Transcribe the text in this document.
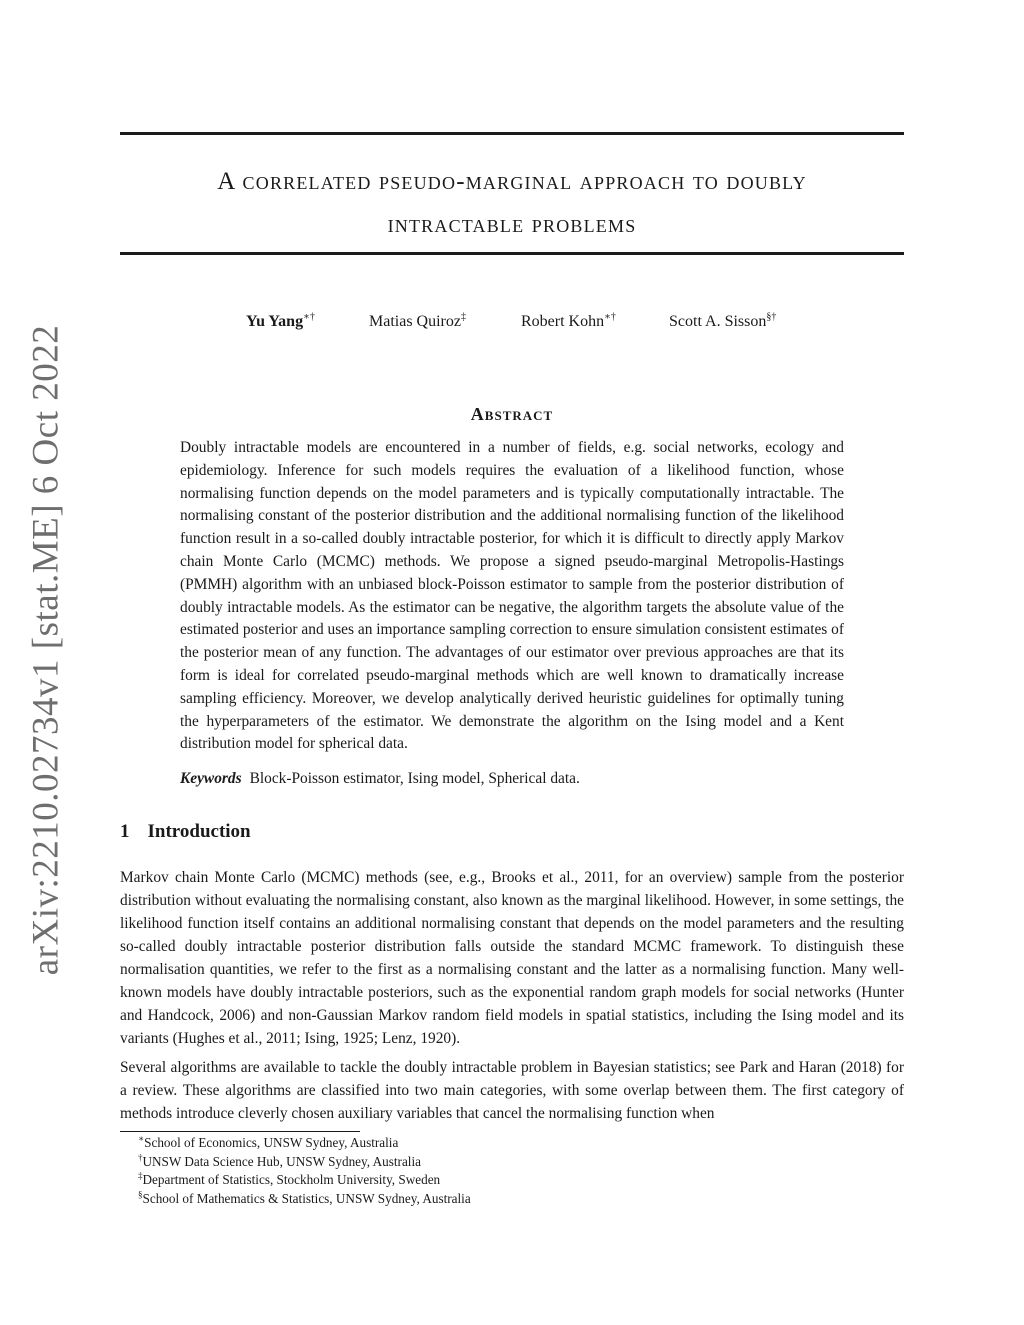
arXiv:2210.02734v1 [stat.ME] 6 Oct 2022
A correlated pseudo-marginal approach to doubly
intractable problems
Yu Yang∗†	Matias Quiroz‡	Robert Kohn∗†	Scott A. Sisson§†
Abstract
Doubly intractable models are encountered in a number of fields, e.g. social networks, ecology and epidemiology. Inference for such models requires the evaluation of a likelihood function, whose normalising function depends on the model parameters and is typically computationally intractable. The normalising constant of the posterior distribution and the additional normalising function of the likelihood function result in a so-called doubly intractable posterior, for which it is difficult to directly apply Markov chain Monte Carlo (MCMC) methods. We propose a signed pseudo-marginal Metropolis-Hastings (PMMH) algorithm with an unbiased block-Poisson estimator to sample from the posterior distribution of doubly intractable models. As the estimator can be negative, the algorithm targets the absolute value of the estimated posterior and uses an importance sampling correction to ensure simulation consistent estimates of the posterior mean of any function. The advantages of our estimator over previous approaches are that its form is ideal for correlated pseudo-marginal methods which are well known to dramatically increase sampling efficiency. Moreover, we develop analytically derived heuristic guidelines for optimally tuning the hyperparameters of the estimator. We demonstrate the algorithm on the Ising model and a Kent distribution model for spherical data.
Keywords Block-Poisson estimator, Ising model, Spherical data.
1 Introduction
Markov chain Monte Carlo (MCMC) methods (see, e.g., Brooks et al., 2011, for an overview) sample from the posterior distribution without evaluating the normalising constant, also known as the marginal likelihood. However, in some settings, the likelihood function itself contains an additional normalising constant that depends on the model parameters and the resulting so-called doubly intractable posterior distribution falls outside the standard MCMC framework. To distinguish these normalisation quantities, we refer to the first as a normalising constant and the latter as a normalising function. Many well-known models have doubly intractable posteriors, such as the exponential random graph models for social networks (Hunter and Handcock, 2006) and non-Gaussian Markov random field models in spatial statistics, including the Ising model and its variants (Hughes et al., 2011; Ising, 1925; Lenz, 1920).
Several algorithms are available to tackle the doubly intractable problem in Bayesian statistics; see Park and Haran (2018) for a review. These algorithms are classified into two main categories, with some overlap between them. The first category of methods introduce cleverly chosen auxiliary variables that cancel the normalising function when
∗School of Economics, UNSW Sydney, Australia
†UNSW Data Science Hub, UNSW Sydney, Australia
‡Department of Statistics, Stockholm University, Sweden
§School of Mathematics & Statistics, UNSW Sydney, Australia
